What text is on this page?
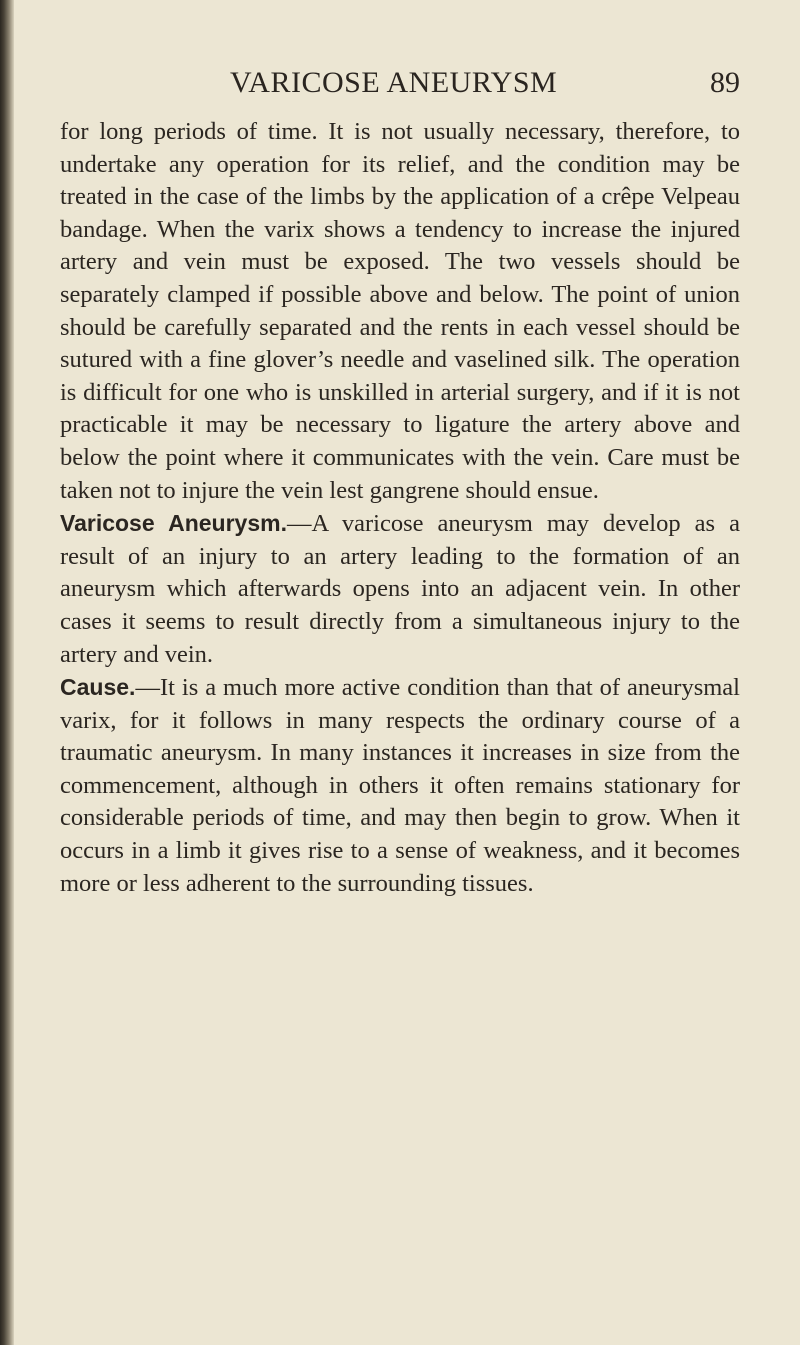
VARICOSE ANEURYSM	89

for long periods of time. It is not usually necessary, therefore, to undertake any operation for its relief, and the condition may be treated in the case of the limbs by the application of a crêpe Velpeau bandage. When the varix shows a tendency to increase the injured artery and vein must be exposed. The two vessels should be separately clamped if possible above and below. The point of union should be carefully separated and the rents in each vessel should be sutured with a fine glover’s needle and vaselined silk. The operation is difficult for one who is unskilled in arterial surgery, and if it is not practicable it may be necessary to ligature the artery above and below the point where it communicates with the vein. Care must be taken not to injure the vein lest gangrene should ensue.

Varicose Aneurysm.—A varicose aneurysm may develop as a result of an injury to an artery leading to the formation of an aneurysm which afterwards opens into an adjacent vein. In other cases it seems to result directly from a simultaneous injury to the artery and vein.

Cause.—It is a much more active condition than that of aneurysmal varix, for it follows in many respects the ordinary course of a traumatic aneurysm. In many instances it increases in size from the commencement, although in others it often remains stationary for considerable periods of time, and may then begin to grow. When it occurs in a limb it gives rise to a sense of weakness, and it becomes more or less adherent to the surrounding tissues.
